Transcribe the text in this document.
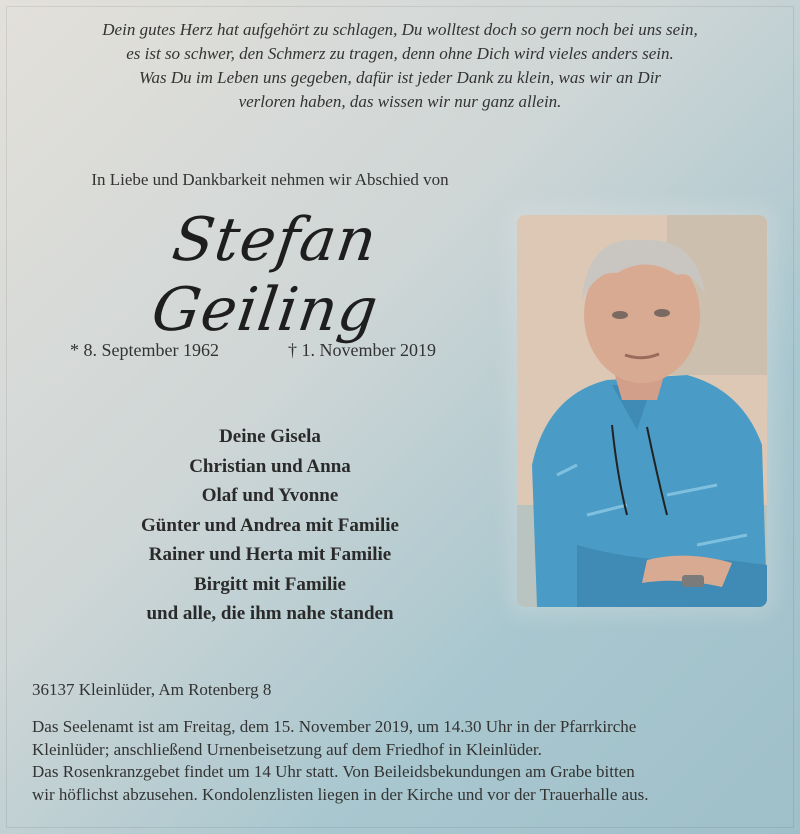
Dein gutes Herz hat aufgehört zu schlagen, Du wolltest doch so gern noch bei uns sein,
es ist so schwer, den Schmerz zu tragen, denn ohne Dich wird vieles anders sein.
Was Du im Leben uns gegeben, dafür ist jeder Dank zu klein, was wir an Dir
verloren haben, das wissen wir nur ganz allein.
In Liebe und Dankbarkeit nehmen wir Abschied von
Stefan Geiling
* 8. September 1962	† 1. November 2019
Deine Gisela
Christian und Anna
Olaf und Yvonne
Günter und Andrea mit Familie
Rainer und Herta mit Familie
Birgitt mit Familie
und alle, die ihm nahe standen
36137 Kleinlüder, Am Rotenberg 8
Das Seelenamt ist am Freitag, dem 15. November 2019, um 14.30 Uhr in der Pfarrkirche
Kleinlüder; anschließend Urnenbeisetzung auf dem Friedhof in Kleinlüder.
Das Rosenkranzgebet findet um 14 Uhr statt. Von Beileidsbekundungen am Grabe bitten
wir höflichst abzusehen. Kondolenzlisten liegen in der Kirche und vor der Trauerhalle aus.
